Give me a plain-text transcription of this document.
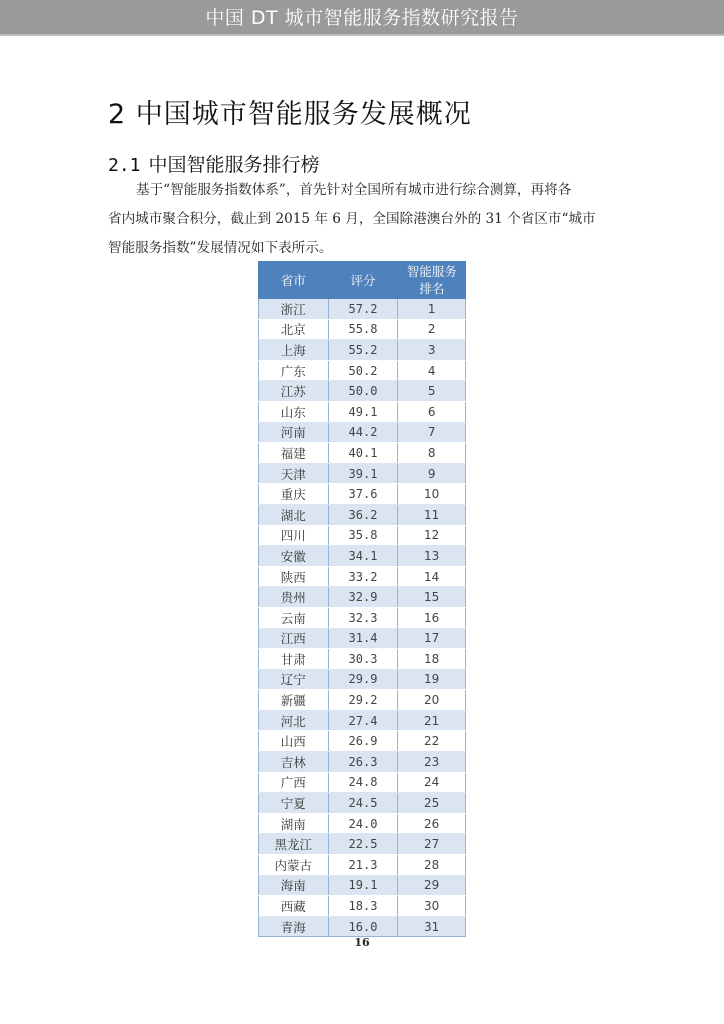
中国 DT 城市智能服务指数研究报告
2 中国城市智能服务发展概况
2.1 中国智能服务排行榜

基于“智能服务指数体系”，首先针对全国所有城市进行综合测算，再将各

省内城市聚合积分，截止到 2015 年 6 月，全国除港澳台外的 31 个省区市“城市

智能服务指数”发展情况如下表所示。

省市	评分	智能服务
排名
浙江	57.2	1
北京	55.8	2
上海	55.2	3
广东	50.2	4
江苏	50.0	5
山东	49.1	6
河南	44.2	7
福建	40.1	8
天津	39.1	9
重庆	37.6	10
湖北	36.2	11
四川	35.8	12
安徽	34.1	13
陕西	33.2	14
贵州	32.9	15
云南	32.3	16
江西	31.4	17
甘肃	30.3	18
辽宁	29.9	19
新疆	29.2	20
河北	27.4	21
山西	26.9	22
吉林	26.3	23
广西	24.8	24
宁夏	24.5	25
湖南	24.0	26
黑龙江	22.5	27
内蒙古	21.3	28
海南	19.1	29
西藏	18.3	30
青海	16.0	31
16
